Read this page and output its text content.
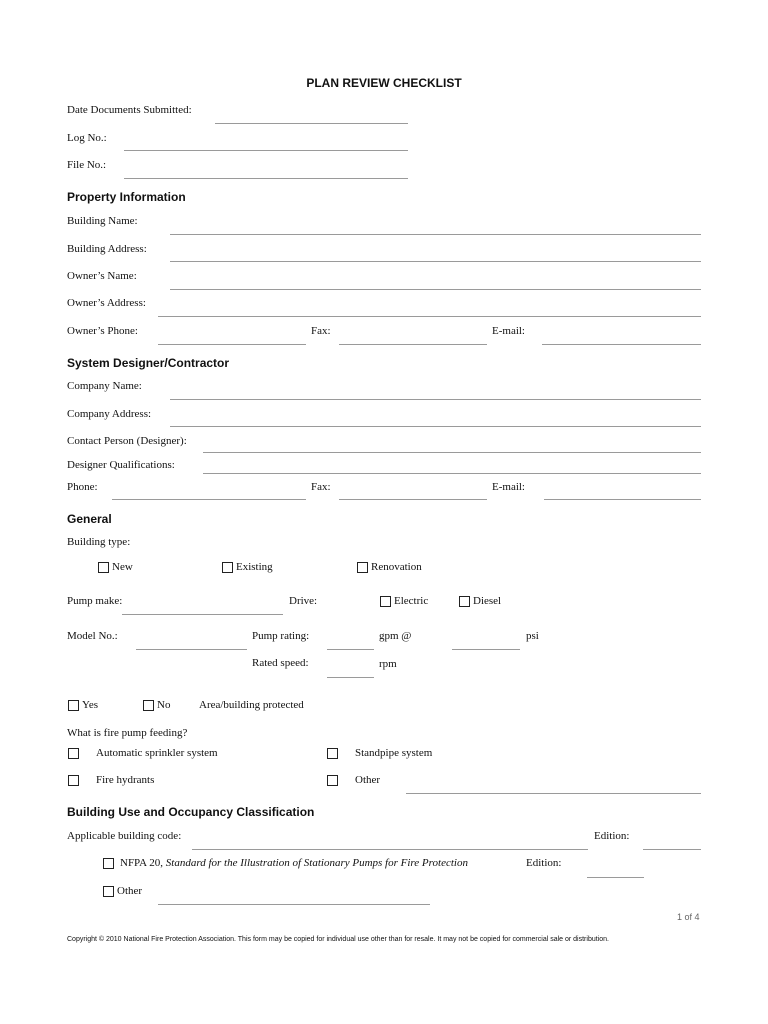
PLAN REVIEW CHECKLIST
Date Documents Submitted:
Log No.:
File No.:
Property Information
Building Name:
Building Address:
Owner’s Name:
Owner’s Address:
Owner’s Phone:	Fax:	E-mail:
System Designer/Contractor
Company Name:
Company Address:
Contact Person (Designer):
Designer Qualifications:
Phone:	Fax:	E-mail:
General
Building type:
New	Existing	Renovation
Pump make:	Drive:	Electric	Diesel
Model No.:	Pump rating:	gpm @	psi
Rated speed:	rpm
Yes	No	Area/building protected
What is fire pump feeding?
Automatic sprinkler system	Standpipe system
Fire hydrants	Other
Building Use and Occupancy Classification
Applicable building code:	Edition:
NFPA 20, Standard for the Illustration of Stationary Pumps for Fire Protection	Edition:
Other
1 of 4
Copyright © 2010 National Fire Protection Association. This form may be copied for individual use other than for resale. It may not be copied for commercial sale or distribution.
